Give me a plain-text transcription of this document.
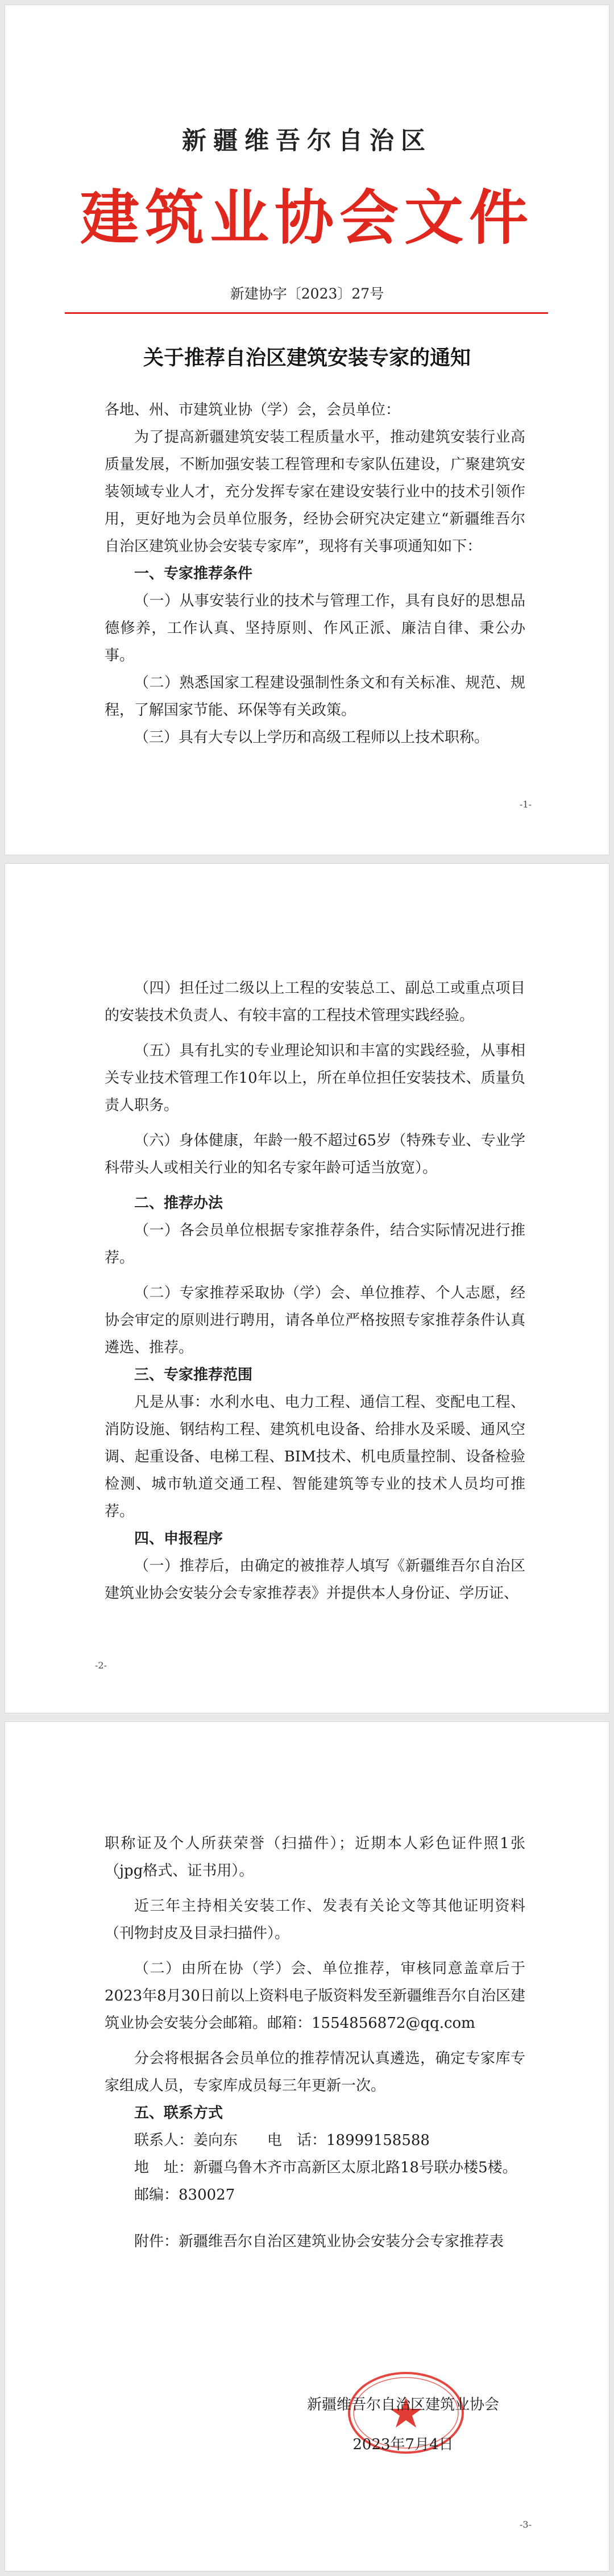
新疆维吾尔自治区
建筑业协会文件
新建协字〔2023〕27号
关于推荐自治区建筑安装专家的通知

各地、州、市建筑业协（学）会，会员单位：

为了提高新疆建筑安装工程质量水平，推动建筑安装行业高质量发展，不断加强安装工程管理和专家队伍建设，广聚建筑安装领域专业人才，充分发挥专家在建设安装行业中的技术引领作用，更好地为会员单位服务，经协会研究决定建立“新疆维吾尔自治区建筑业协会安装专家库”，现将有关事项通知如下：

一、专家推荐条件

（一）从事安装行业的技术与管理工作，具有良好的思想品德修养，工作认真、坚持原则、作风正派、廉洁自律、秉公办事。

（二）熟悉国家工程建设强制性条文和有关标准、规范、规程，了解国家节能、环保等有关政策。

（三）具有大专以上学历和高级工程师以上技术职称。

-1-

（四）担任过二级以上工程的安装总工、副总工或重点项目的安装技术负责人、有较丰富的工程技术管理实践经验。

（五）具有扎实的专业理论知识和丰富的实践经验，从事相关专业技术管理工作10年以上，所在单位担任安装技术、质量负责人职务。

（六）身体健康，年龄一般不超过65岁（特殊专业、专业学科带头人或相关行业的知名专家年龄可适当放宽）。

二、推荐办法

（一）各会员单位根据专家推荐条件，结合实际情况进行推荐。

（二）专家推荐采取协（学）会、单位推荐、个人志愿，经协会审定的原则进行聘用，请各单位严格按照专家推荐条件认真遴选、推荐。

三、专家推荐范围

凡是从事：水利水电、电力工程、通信工程、变配电工程、消防设施、钢结构工程、建筑机电设备、给排水及采暖、通风空调、起重设备、电梯工程、BIM技术、机电质量控制、设备检验检测、城市轨道交通工程、智能建筑等专业的技术人员均可推荐。

四、申报程序

（一）推荐后，由确定的被推荐人填写《新疆维吾尔自治区建筑业协会安装分会专家推荐表》并提供本人身份证、学历证、

-2-

职称证及个人所获荣誉（扫描件）；近期本人彩色证件照1张（jpg格式、证书用）。

近三年主持相关安装工作、发表有关论文等其他证明资料（刊物封皮及目录扫描件）。

（二）由所在协（学）会、单位推荐，审核同意盖章后于2023年8月30日前以上资料电子版资料发至新疆维吾尔自治区建筑业协会安装分会邮箱。邮箱：1554856872@qq.com

分会将根据各会员单位的推荐情况认真遴选，确定专家库专家组成人员，专家库成员每三年更新一次。

五、联系方式

联系人：姜向东　　电　话：18999158588

地　址：新疆乌鲁木齐市高新区太原北路18号联办楼5楼。

邮编：830027

附件：新疆维吾尔自治区建筑业协会安装分会专家推荐表

新疆维吾尔自治区建筑业协会
2023年7月4日
-3-
